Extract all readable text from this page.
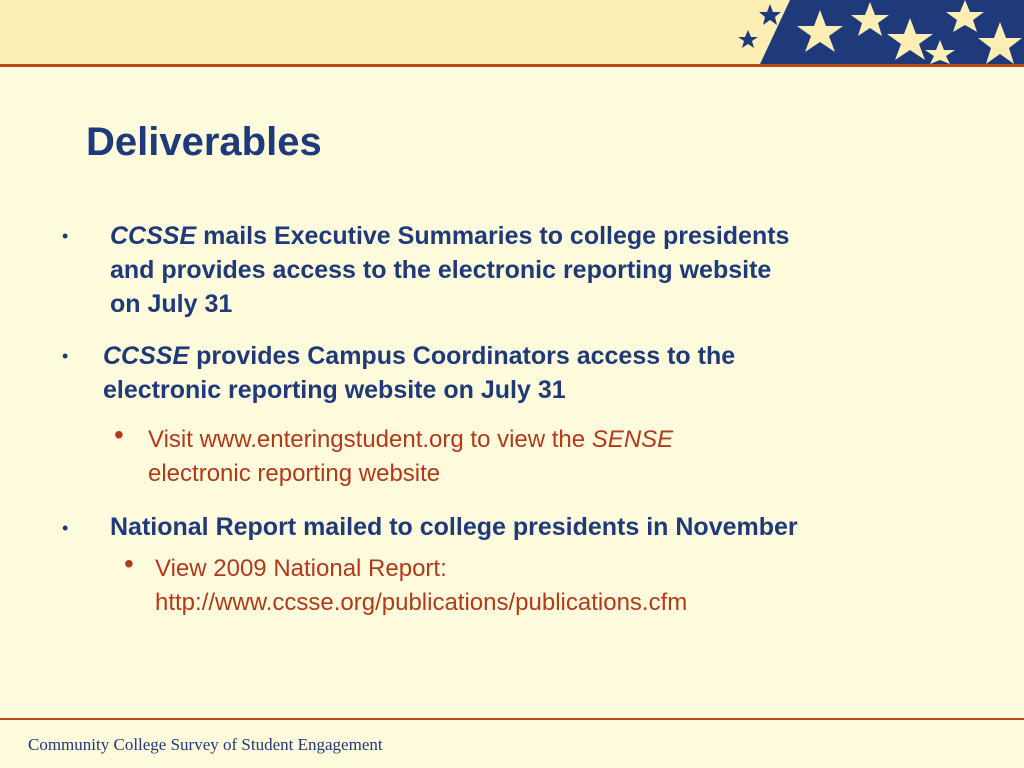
Deliverables
• CCSSE mails Executive Summaries to college presidents
and provides access to the electronic reporting website
on July 31
• CCSSE provides Campus Coordinators access to the
electronic reporting website on July 31
• Visit www.enteringstudent.org to view the SENSE
electronic reporting website
• National Report mailed to college presidents in November
• View 2009 National Report:
http://www.ccsse.org/publications/publications.cfm
Community College Survey of Student Engagement
